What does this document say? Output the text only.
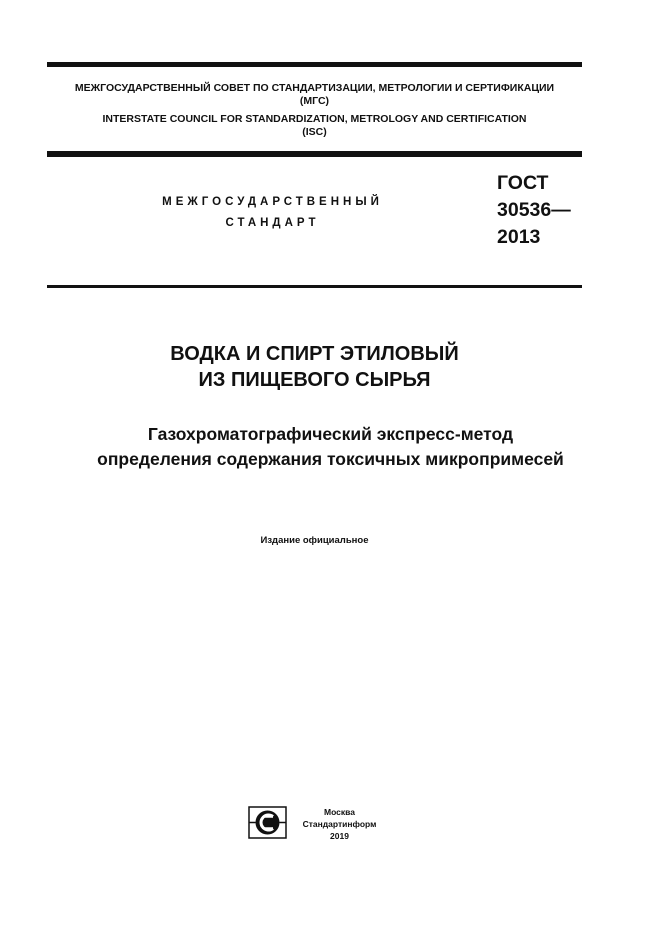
МЕЖГОСУДАРСТВЕННЫЙ СОВЕТ ПО СТАНДАРТИЗАЦИИ, МЕТРОЛОГИИ И СЕРТИФИКАЦИИ
(МГС)
INTERSTATE COUNCIL FOR STANDARDIZATION, METROLOGY AND CERTIFICATION
(ISC)
МЕЖГОСУДАРСТВЕННЫЙ
СТАНДАРТ
ГОСТ
30536—
2013
ВОДКА И СПИРТ ЭТИЛОВЫЙ
ИЗ ПИЩЕВОГО СЫРЬЯ
Газохроматографический экспресс-метод
определения содержания токсичных микропримесей
Издание официальное
Москва
Стандартинформ
2019
